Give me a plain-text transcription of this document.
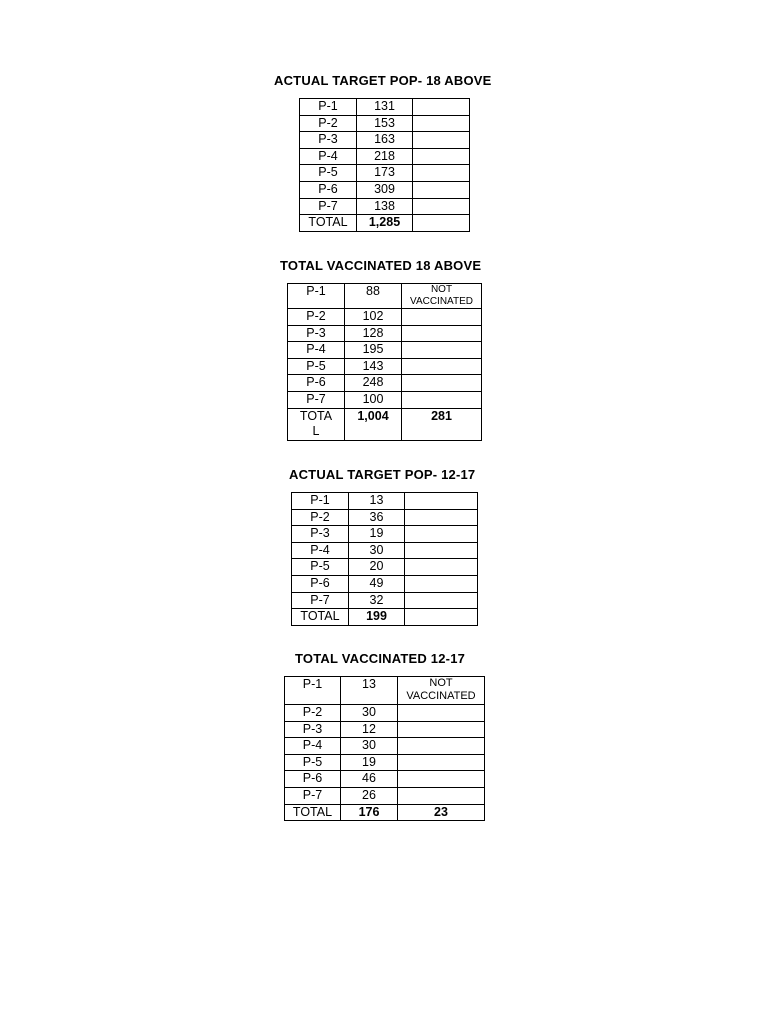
ACTUAL TARGET POP- 18 ABOVE
P-1	131	
P-2	153	
P-3	163	
P-4	218	
P-5	173	
P-6	309	
P-7	138	
TOTAL	1,285	
TOTAL VACCINATED 18 ABOVE
P-1	88	NOT
VACCINATED

P-2	102	
P-3	128	
P-4	195	
P-5	143	
P-6	248	
P-7	100	

TOTA
L	1,004	281
ACTUAL TARGET POP- 12-17
P-1	13	
P-2	36	
P-3	19	
P-4	30	
P-5	20	
P-6	49	
P-7	32	
TOTAL	199	
TOTAL VACCINATED 12-17
P-1	13	NOT
VACCINATED

P-2	30	
P-3	12	
P-4	30	
P-5	19	
P-6	46	
P-7	26	
TOTAL	176	23
